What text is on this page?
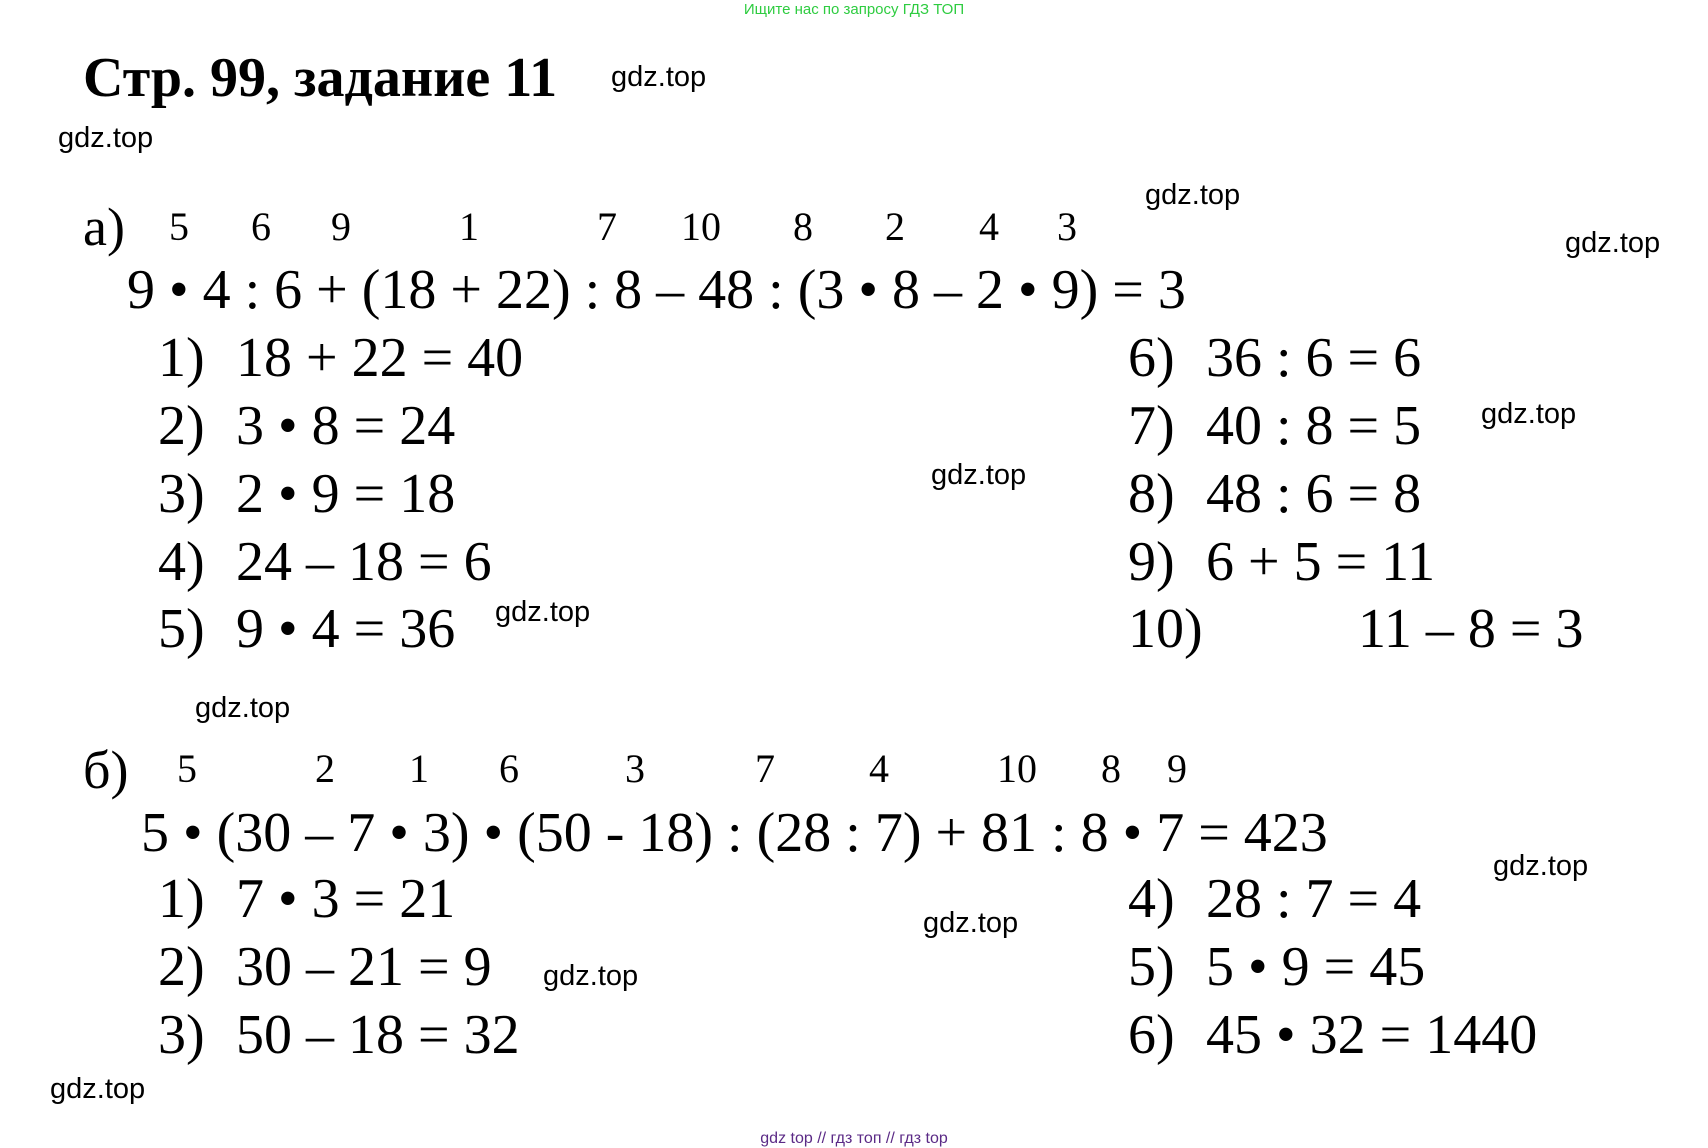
Ищите нас по запросу ГДЗ ТОП
Стр. 99, задание 11 gdz.top
gdz.top
gdz.top
gdz.top
gdz.top
gdz.top
gdz.top
gdz.top
gdz.top
gdz.top
gdz.top
gdz.top
а) 5 6 9	1	7 10 8 2 4 3
9 • 4 : 6 + (18 + 22) : 8 – 48 : (3 • 8 – 2 • 9) = 3
1) 18 + 22 = 40
2) 3 • 8 = 24
3) 2 • 9 = 18
4) 24 – 18 = 6
5) 9 • 4 = 36
6) 36 : 6 = 6
7) 40 : 8 = 5
8) 48 : 6 = 8
9) 6 + 5 = 11
10)	11 – 8 = 3
б) 5	2 1 6	3	7 4	10 8 9
5 • (30 – 7 • 3) • (50 - 18) : (28 : 7) + 81 : 8 • 7 = 423
1) 7 • 3 = 21
2) 30 – 21 = 9
3) 50 – 18 = 32
4) 28 : 7 = 4
5) 5 • 9 = 45
6) 45 • 32 = 1440
gdz top // гдз топ // гдз top
